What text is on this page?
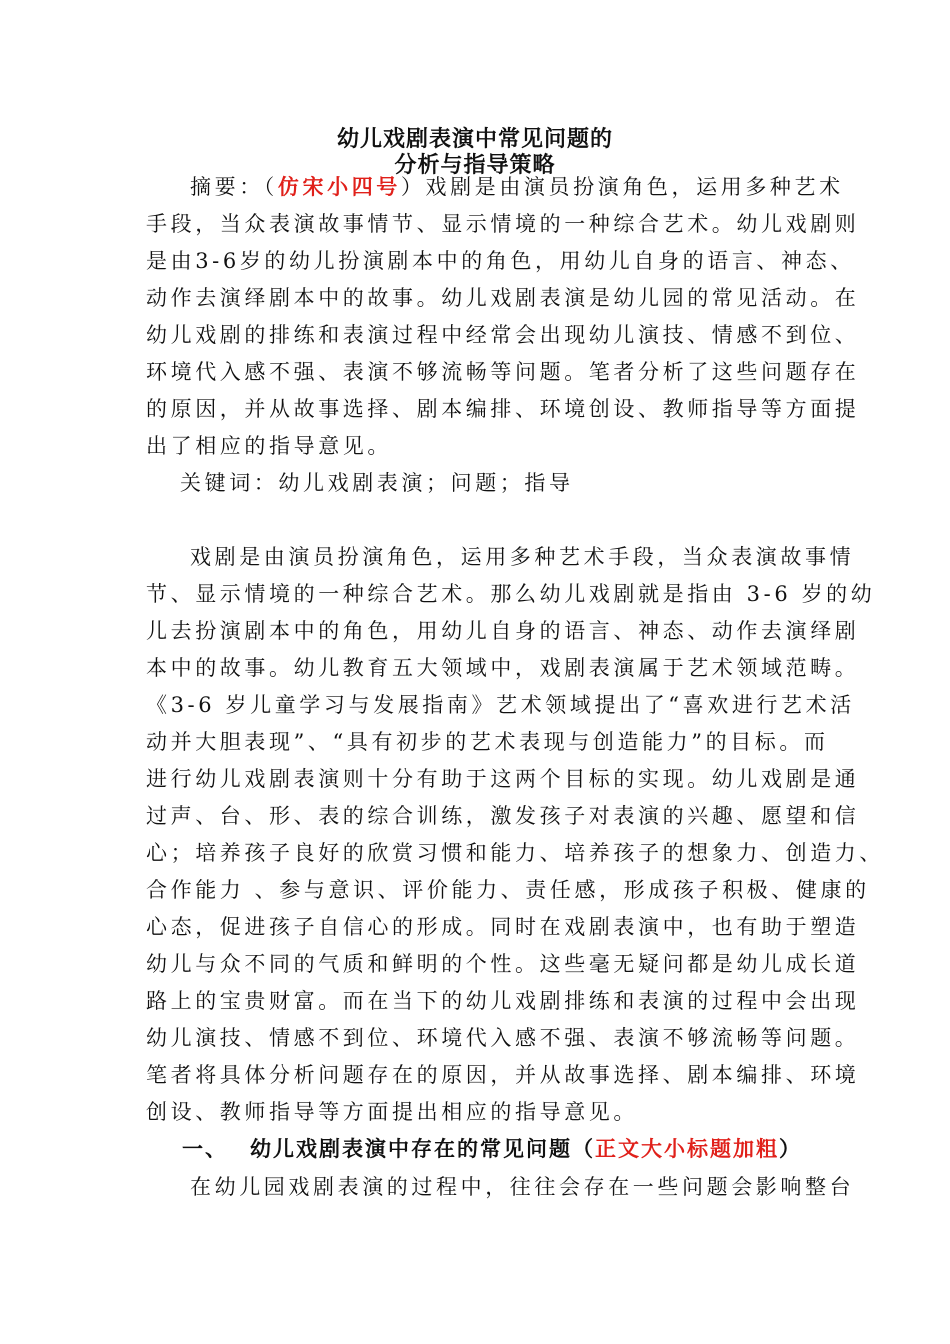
幼儿戏剧表演中常见问题的
分析与指导策略
摘要：（仿宋小四号）戏剧是由演员扮演角色，运用多种艺术
手段，当众表演故事情节、显示情境的一种综合艺术。幼儿戏剧则
是由3-6岁的幼儿扮演剧本中的角色，用幼儿自身的语言、神态、
动作去演绎剧本中的故事。幼儿戏剧表演是幼儿园的常见活动。在
幼儿戏剧的排练和表演过程中经常会出现幼儿演技、情感不到位、
环境代入感不强、表演不够流畅等问题。笔者分析了这些问题存在
的原因，并从故事选择、剧本编排、环境创设、教师指导等方面提
出了相应的指导意见。
关键词：幼儿戏剧表演；问题；指导
戏剧是由演员扮演角色，运用多种艺术手段，当众表演故事情
节、显示情境的一种综合艺术。那么幼儿戏剧就是指由 3-6 岁的幼
儿去扮演剧本中的角色，用幼儿自身的语言、神态、动作去演绎剧
本中的故事。幼儿教育五大领域中，戏剧表演属于艺术领域范畴。
《3-6 岁儿童学习与发展指南》艺术领域提出了“喜欢进行艺术活
动并大胆表现”、“具有初步的艺术表现与创造能力”的目标。而
进行幼儿戏剧表演则十分有助于这两个目标的实现。幼儿戏剧是通
过声、台、形、表的综合训练，激发孩子对表演的兴趣、愿望和信
心；培养孩子良好的欣赏习惯和能力、培养孩子的想象力、创造力、
合作能力 、参与意识、评价能力、责任感，形成孩子积极、健康的
心态，促进孩子自信心的形成。同时在戏剧表演中，也有助于塑造
幼儿与众不同的气质和鲜明的个性。这些毫无疑问都是幼儿成长道
路上的宝贵财富。而在当下的幼儿戏剧排练和表演的过程中会出现
幼儿演技、情感不到位、环境代入感不强、表演不够流畅等问题。
笔者将具体分析问题存在的原因，并从故事选择、剧本编排、环境
创设、教师指导等方面提出相应的指导意见。
一、 幼儿戏剧表演中存在的常见问题（正文大小标题加粗）
在幼儿园戏剧表演的过程中，往往会存在一些问题会影响整台
